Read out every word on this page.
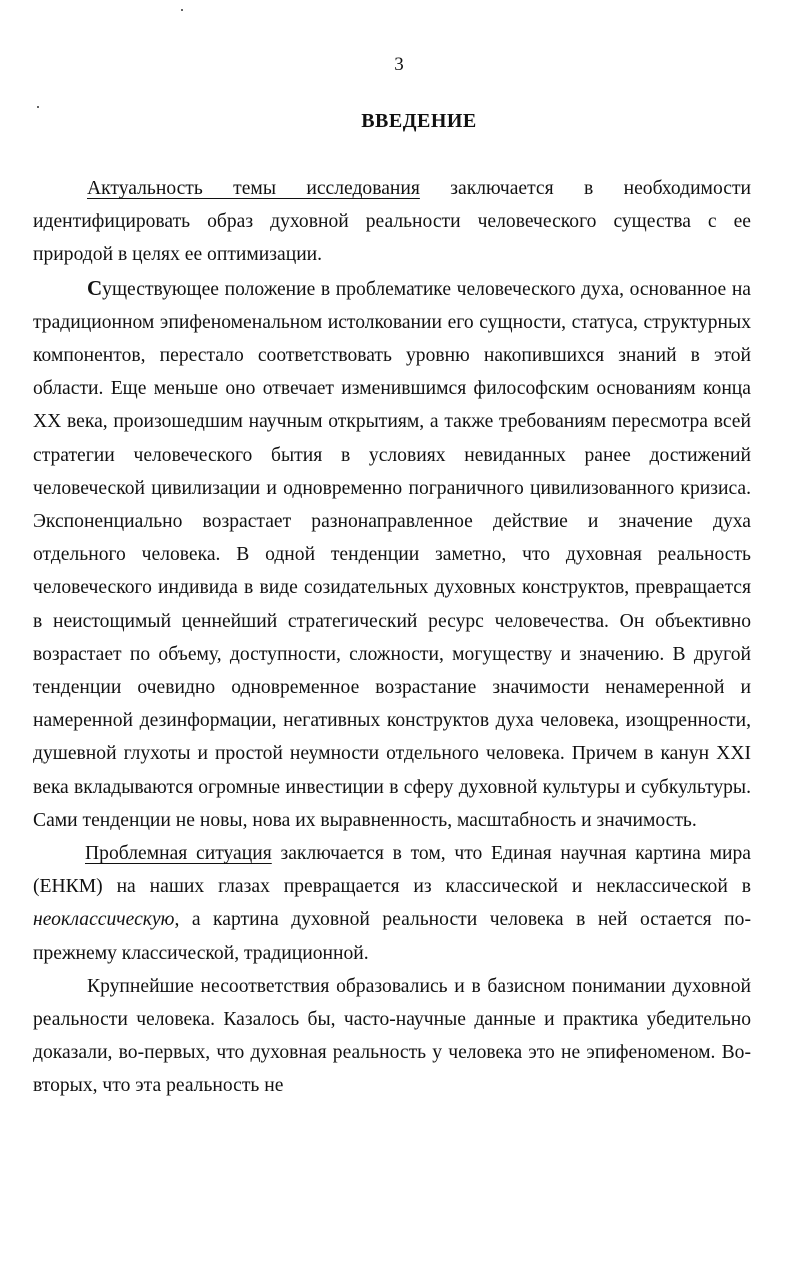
3
ВВЕДЕНИЕ

Актуальность темы исследования заключается в необходимости идентифицировать образ духовной реальности человеческого существа с ее природой в целях ее оптимизации.

Существующее положение в проблематике человеческого духа, основанное на традиционном эпифеноменальном истолковании его сущности, статуса, структурных компонентов, перестало соответствовать уровню накопившихся знаний в этой области. Еще меньше оно отвечает изменившимся философским основаниям конца XX века, произошедшим научным открытиям, а также требованиям пересмотра всей стратегии человеческого бытия в условиях невиданных ранее достижений человеческой цивилизации и одновременно пограничного цивилизованного кризиса. Экспоненциально возрастает разнонаправленное действие и значение духа отдельного человека. В одной тенденции заметно, что духовная реальность человеческого индивида в виде созидательных духовных конструктов, превращается в неистощимый ценнейший стратегический ресурс человечества. Он объективно возрастает по объему, доступности, сложности, могуществу и значению. В другой тенденции очевидно одновременное возрастание значимости ненамеренной и намеренной дезинформации, негативных конструктов духа человека, изощренности, душевной глухоты и простой неумности отдельного человека. Причем в канун XXI века вкладываются огромные инвестиции в сферу духовной культуры и субкультуры. Сами тенденции не новы, нова их выравненность, масштабность и значимость.

Проблемная ситуация заключается в том, что Единая научная картина мира (ЕНКМ) на наших глазах превращается из классической и неклассической в неоклассическую, а картина духовной реальности человека в ней остается по-прежнему классической, традиционной.

Крупнейшие несоответствия образовались и в базисном понимании духовной реальности человека. Казалось бы, часто-научные данные и практика убедительно доказали, во-первых, что духовная реальность у человека это не эпифеноменом. Во-вторых, что эта реальность не
